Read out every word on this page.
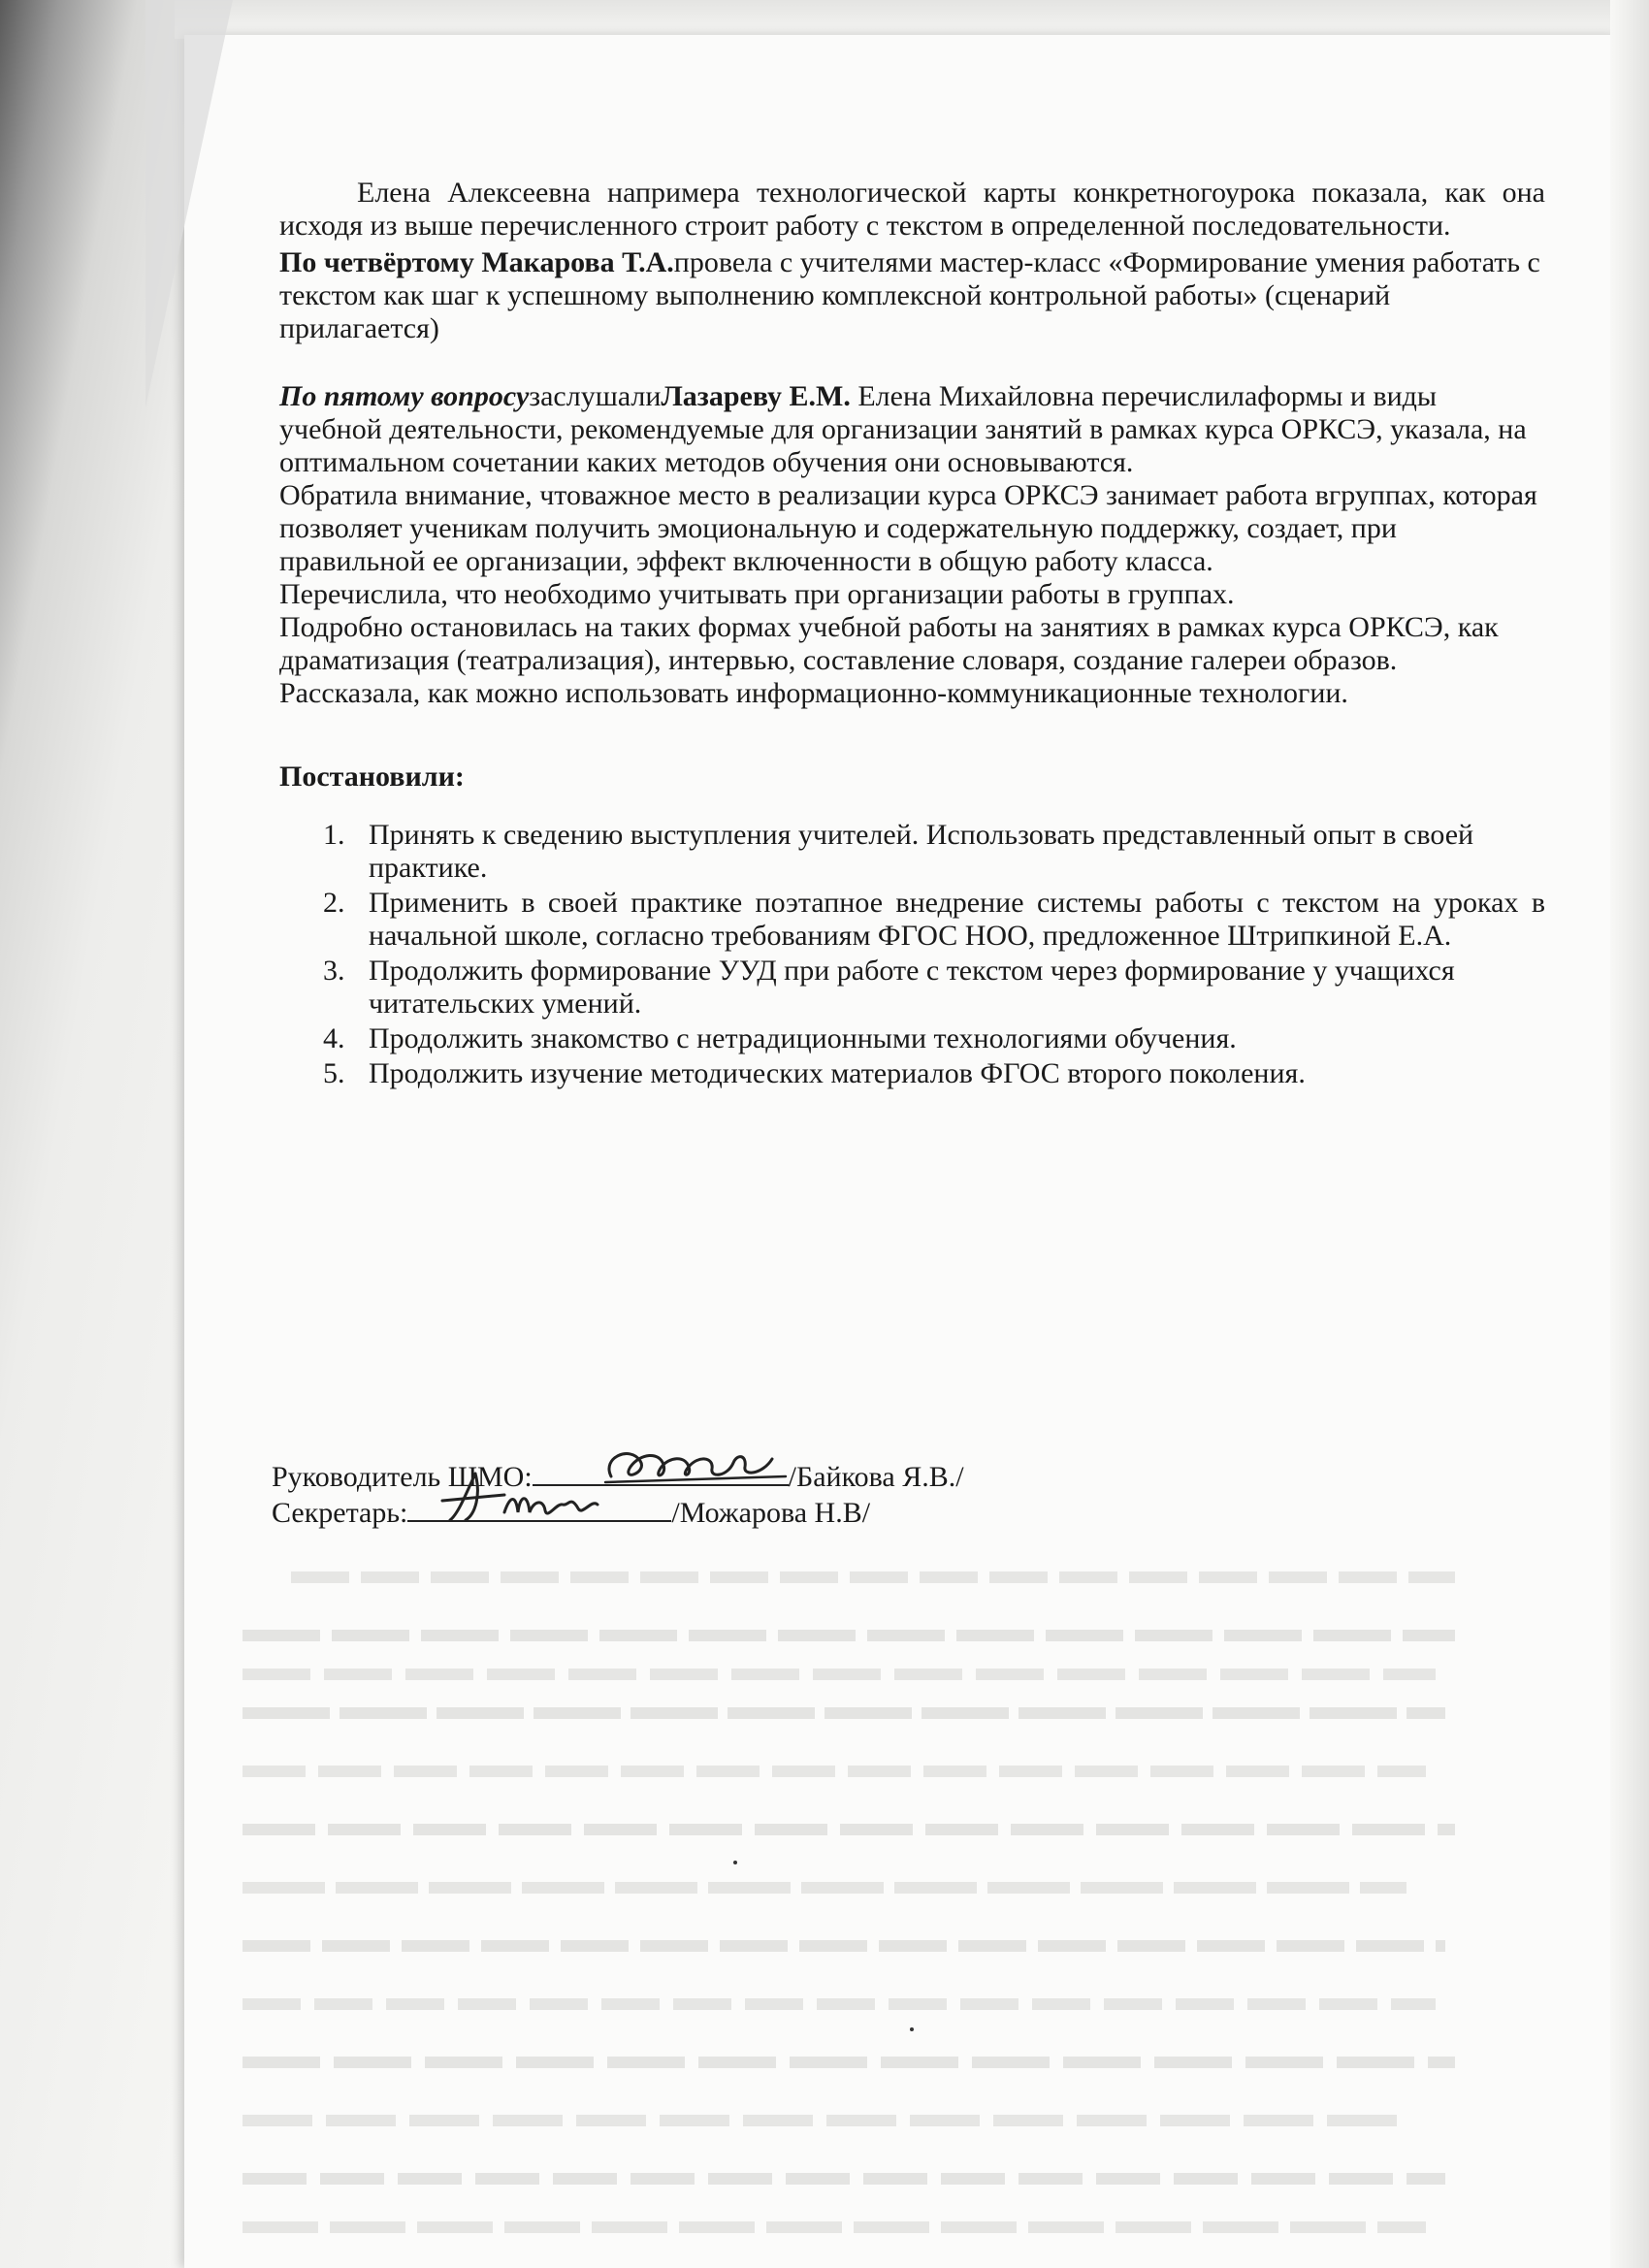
Елена Алексеевна напримера технологической карты конкретногоурока показала, как она исходя из выше перечисленного строит работу с текстом в определенной последовательности.

По четвёртому Макарова Т.А.провела с учителями мастер-класс «Формирование умения работать с текстом как шаг к успешному выполнению комплексной контрольной работы» (сценарий прилагается)

По пятому вопросузаслушалиЛазареву Е.М. Елена Михайловна перечислилаформы и виды учебной деятельности, рекомендуемые для организации занятий в рамках курса ОРКСЭ, указала, на оптимальном сочетании каких методов обучения они основываются.

Обратила внимание, чтоважное место в реализации курса ОРКСЭ занимает работа вгруппах, которая позволяет ученикам получить эмоциональную и содержательную поддержку, создает, при правильной ее организации, эффект включенности в общую работу класса.

Перечислила, что необходимо учитывать при организации работы в группах.

Подробно остановилась на таких формах учебной работы на занятиях в рамках курса ОРКСЭ, как драматизация (театрализация), интервью, составление словаря, создание галереи образов. Рассказала, как можно использовать информационно-коммуникационные технологии.

Постановили:

1. Принять к сведению выступления учителей. Использовать представленный опыт в своей практике.
2. Применить в своей практике поэтапное внедрение системы работы с текстом на уроках в начальной школе, согласно требованиям ФГОС НОО, предложенное Штрипкиной Е.А.
3. Продолжить формирование УУД при работе с текстом через формирование у учащихся читательских умений.
4. Продолжить знакомство с нетрадиционными технологиями обучения.
5. Продолжить изучение методических материалов ФГОС второго поколения.
Руководитель ШМО:	/Байкова Я.В./
Секретарь:	/Можарова Н.В/
